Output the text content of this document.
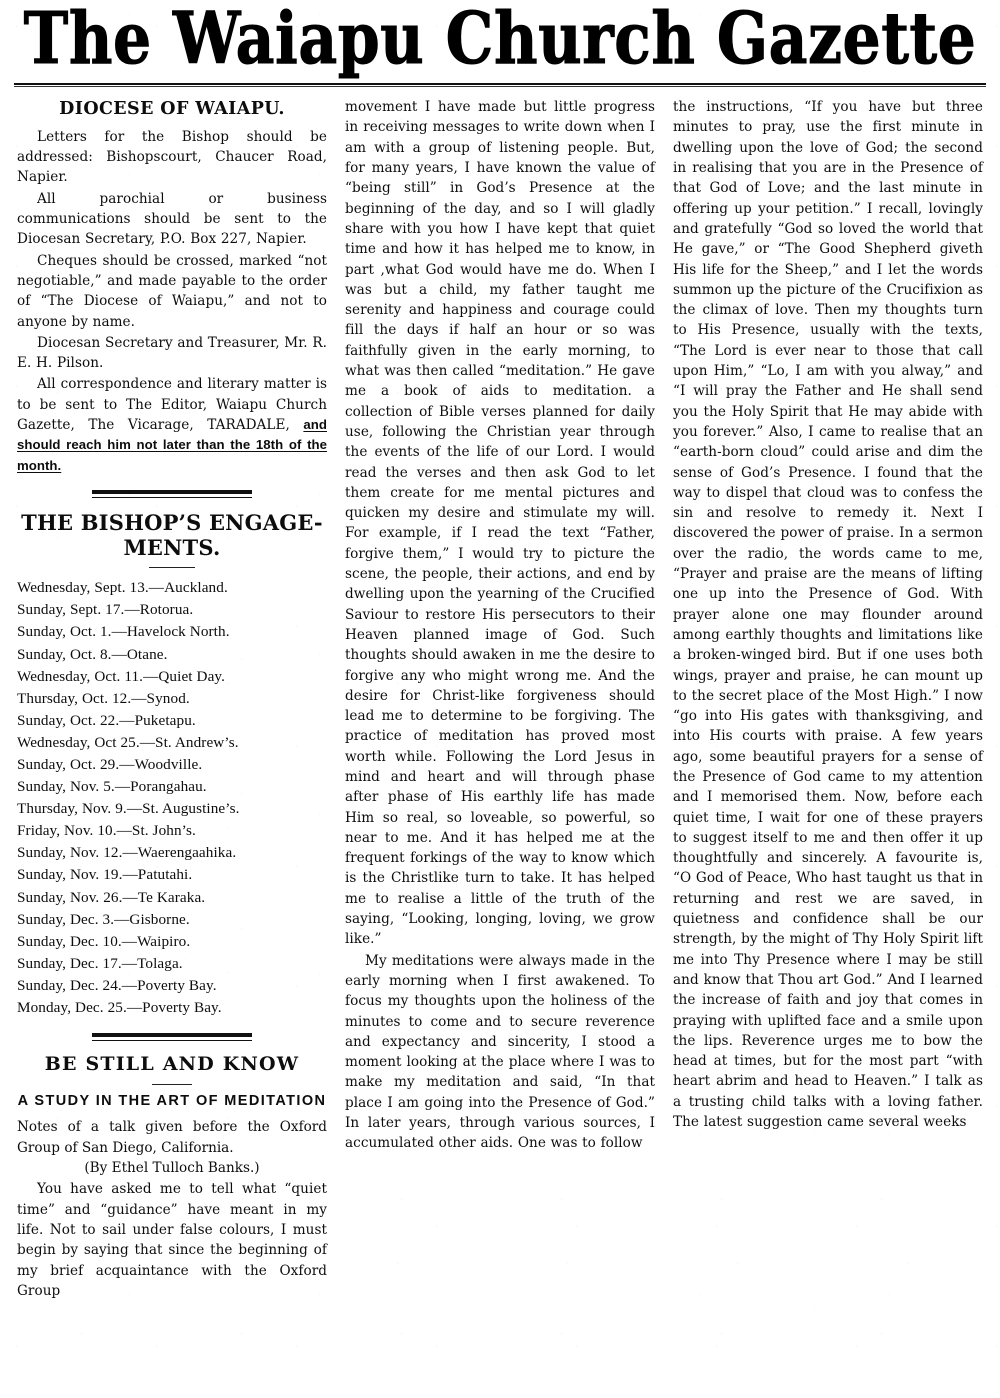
The Waiapu Church Gazette
DIOCESE OF WAIAPU.

Letters for the Bishop should be addressed: Bishopscourt, Chaucer Road, Napier.

All parochial or business communications should be sent to the Diocesan Secretary, P.O. Box 227, Napier.

Cheques should be crossed, marked “not negotiable,” and made payable to the order of “The Diocese of Waiapu,” and not to anyone by name.

Diocesan Secretary and Treasurer, Mr. R. E. H. Pilson.

All correspondence and literary matter is to be sent to The Editor, Waiapu Church Gazette, The Vicarage, TARADALE, and should reach him not later than the 18th of the month.

THE BISHOP’S ENGAGE-​MENTS.
Wednesday, Sept. 13.—Auckland.
Sunday, Sept. 17.—Rotorua.
Sunday, Oct. 1.—Havelock North.
Sunday, Oct. 8.—Otane.
Wednesday, Oct. 11.—Quiet Day.
Thursday, Oct. 12.—Synod.
Sunday, Oct. 22.—Puketapu.
Wednesday, Oct 25.—St. Andrew’s.
Sunday, Oct. 29.—Woodville.
Sunday, Nov. 5.—Porangahau.
Thursday, Nov. 9.—St. Augustine’s.
Friday, Nov. 10.—St. John’s.
Sunday, Nov. 12.—Waerengaahika.
Sunday, Nov. 19.—Patutahi.
Sunday, Nov. 26.—Te Karaka.
Sunday, Dec. 3.—Gisborne.
Sunday, Dec. 10.—Waipiro.
Sunday, Dec. 17.—Tolaga.
Sunday, Dec. 24.—Poverty Bay.
Monday, Dec. 25.—Poverty Bay.
BE STILL AND KNOW
A STUDY IN THE ART OF MEDITATION

Notes of a talk given before the Oxford Group of San Diego, California.

(By Ethel Tulloch Banks.)

You have asked me to tell what “quiet time” and “guidance” have meant in my life. Not to sail under false colours, I must begin by saying that since the beginning of my brief acquaintance with the Oxford Group

movement I have made but little progress in receiving messages to write down when I am with a group of listening people. But, for many years, I have known the value of “being still” in God’s Presence at the beginning of the day, and so I will gladly share with you how I have kept that quiet time and how it has helped me to know, in part ,what God would have me do. When I was but a child, my father taught me serenity and happiness and courage could fill the days if half an hour or so was faithfully given in the early morning, to what was then called “meditation.” He gave me a book of aids to meditation. a collection of Bible verses planned for daily use, following the Christian year through the events of the life of our Lord. I would read the verses and then ask God to let them create for me mental pictures and quicken my desire and stimulate my will. For example, if I read the text “Father, forgive them,” I would try to picture the scene, the people, their actions, and end by dwelling upon the yearning of the Crucified Saviour to restore His persecutors to their Heaven planned image of God. Such thoughts should awaken in me the desire to forgive any who might wrong me. And the desire for Christ-like forgiveness should lead me to determine to be forgiving. The practice of meditation has proved most worth while. Following the Lord Jesus in mind and heart and will through phase after phase of His earthly life has made Him so real, so loveable, so powerful, so near to me. And it has helped me at the frequent forkings of the way to know which is the Christlike turn to take. It has helped me to realise a little of the truth of the saying, “Looking, longing, loving, we grow like.”

My meditations were always made in the early morning when I first awakened. To focus my thoughts upon the holiness of the minutes to come and to secure reverence and expectancy and sincerity, I stood a moment looking at the place where I was to make my meditation and said, “In that place I am going into the Presence of God.” In later years, through various sources, I accumulated other aids. One was to follow

the instructions, “If you have but three minutes to pray, use the first minute in dwelling upon the love of God; the second in realising that you are in the Presence of that God of Love; and the last minute in offering up your petition.” I recall, lovingly and gratefully “God so loved the world that He gave,” or “The Good Shepherd giveth His life for the Sheep,” and I let the words summon up the picture of the Crucifixion as the climax of love. Then my thoughts turn to His Presence, usually with the texts, “The Lord is ever near to those that call upon Him,” “Lo, I am with you alway,” and “I will pray the Father and He shall send you the Holy Spirit that He may abide with you forever.” Also, I came to realise that an “earth-born cloud” could arise and dim the sense of God’s Presence. I found that the way to dispel that cloud was to confess the sin and resolve to remedy it. Next I discovered the power of praise. In a sermon over the radio, the words came to me, “Prayer and praise are the means of lifting one up into the Presence of God. With prayer alone one may flounder around among earthly thoughts and limitations like a broken-winged bird. But if one uses both wings, prayer and praise, he can mount up to the secret place of the Most High.” I now “go into His gates with thanksgiving, and into His courts with praise. A few years ago, some beautiful prayers for a sense of the Presence of God came to my attention and I memorised them. Now, before each quiet time, I wait for one of these prayers to suggest itself to me and then offer it up thoughtfully and sincerely. A favourite is, “O God of Peace, Who hast taught us that in returning and rest we are saved, in quietness and confidence shall be our strength, by the might of Thy Holy Spirit lift me into Thy Presence where I may be still and know that Thou art God.” And I learned the increase of faith and joy that comes in praying with uplifted face and a smile upon the lips. Reverence urges me to bow the head at times, but for the most part “with heart abrim and head to Heaven.” I talk as a trusting child talks with a loving father. The latest suggestion came several weeks
